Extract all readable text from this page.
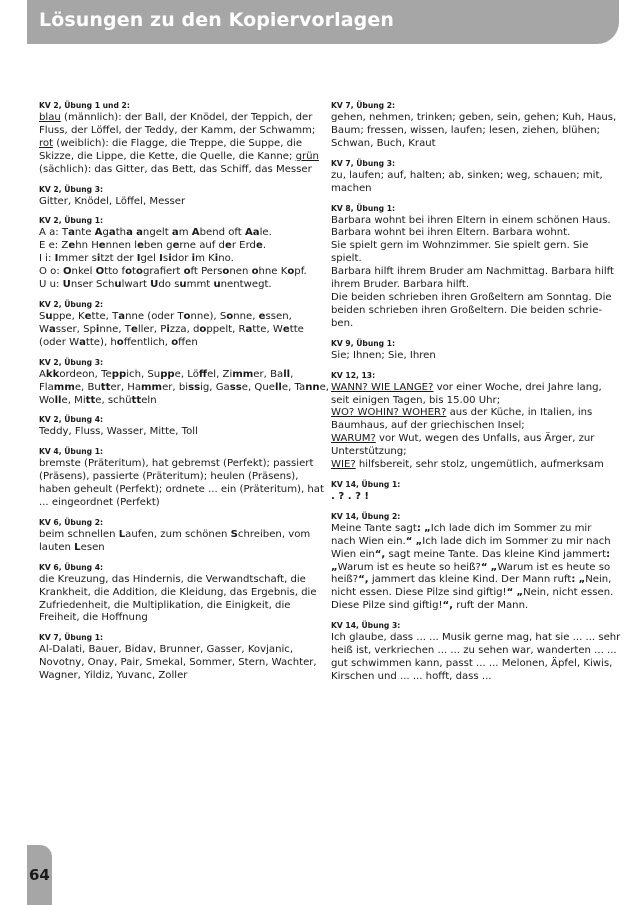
Lösungen zu den Kopiervorlagen
KV 2, Übung 1 und 2:
blau (männlich): der Ball, der Knödel, der Teppich, der
Fluss, der Löffel, der Teddy, der Kamm, der Schwamm;
rot (weiblich): die Flagge, die Treppe, die Suppe, die
Skizze, die Lippe, die Kette, die Quelle, die Kanne; grün
(sächlich): das Gitter, das Bett, das Schiff, das Messer
KV 2, Übung 3:
Gitter, Knödel, Löffel, Messer
KV 2, Übung 1:
A a: Tante Agatha angelt am Abend oft Aale.
E e: Zehn Hennen leben gerne auf der Erde.
I i: Immer sitzt der Igel Isidor im Kino.
O o: Onkel Otto fotografiert oft Personen ohne Kopf.
U u: Unser Schulwart Udo summt unentwegt.
KV 2, Übung 2:
Suppe, Kette, Tanne (oder Tonne), Sonne, essen,
Wasser, Spinne, Teller, Pizza, doppelt, Ratte, Wette
(oder Watte), hoffentlich, offen
KV 2, Übung 3:
Akkordeon, Teppich, Suppe, Löffel, Zimmer, Ball,
Flamme, Butter, Hammer, bissig, Gasse, Quelle, Tanne,
Wolle, Mitte, schütteln
KV 2, Übung 4:
Teddy, Fluss, Wasser, Mitte, Toll
KV 4, Übung 1:
bremste (Präteritum), hat gebremst (Perfekt); passiert
(Präsens), passierte (Präteritum); heulen (Präsens),
haben geheult (Perfekt); ordnete ... ein (Präteritum), hat
... eingeordnet (Perfekt)
KV 6, Übung 2:
beim schnellen Laufen, zum schönen Schreiben, vom
lauten Lesen
KV 6, Übung 4:
die Kreuzung, das Hindernis, die Verwandtschaft, die
Krankheit, die Addition, die Kleidung, das Ergebnis, die
Zufriedenheit, die Multiplikation, die Einigkeit, die
Freiheit, die Hoffnung
KV 7, Übung 1:
Al-Dalati, Bauer, Bidav, Brunner, Gasser, Kovjanic,
Novotny, Onay, Pair, Smekal, Sommer, Stern, Wachter,
Wagner, Yildiz, Yuvanc, Zoller
KV 7, Übung 2:
gehen, nehmen, trinken; geben, sein, gehen; Kuh, Haus,
Baum; fressen, wissen, laufen; lesen, ziehen, blühen;
Schwan, Buch, Kraut
KV 7, Übung 3:
zu, laufen; auf, halten; ab, sinken; weg, schauen; mit,
machen
KV 8, Übung 1:
Barbara wohnt bei ihren Eltern in einem schönen Haus.
Barbara wohnt bei ihren Eltern. Barbara wohnt.
Sie spielt gern im Wohnzimmer. Sie spielt gern. Sie
spielt.
Barbara hilft ihrem Bruder am Nachmittag. Barbara hilft
ihrem Bruder. Barbara hilft.
Die beiden schrieben ihren Großeltern am Sonntag. Die
beiden schrieben ihren Großeltern. Die beiden schrie-
ben.
KV 9, Übung 1:
Sie; Ihnen; Sie, Ihren
KV 12, 13:
WANN? WIE LANGE? vor einer Woche, drei Jahre lang,
seit einigen Tagen, bis 15.00 Uhr;
WO? WOHIN? WOHER? aus der Küche, in Italien, ins
Baumhaus, auf der griechischen Insel;
WARUM? vor Wut, wegen des Unfalls, aus Ärger, zur
Unterstützung;
WIE? hilfsbereit, sehr stolz, ungemütlich, aufmerksam
KV 14, Übung 1:
. ? . ? !
KV 14, Übung 2:
Meine Tante sagt: „Ich lade dich im Sommer zu mir
nach Wien ein.“ „Ich lade dich im Sommer zu mir nach
Wien ein“, sagt meine Tante. Das kleine Kind jammert:
„Warum ist es heute so heiß?“ „Warum ist es heute so
heiß?“, jammert das kleine Kind. Der Mann ruft: „Nein,
nicht essen. Diese Pilze sind giftig!“ „Nein, nicht essen.
Diese Pilze sind giftig!“, ruft der Mann.
KV 14, Übung 3:
Ich glaube, dass ... ... Musik gerne mag, hat sie ... ... sehr
heiß ist, verkriechen ... ... zu sehen war, wanderten ... ...
gut schwimmen kann, passt ... ... Melonen, Äpfel, Kiwis,
Kirschen und ... ... hofft, dass ...
64
